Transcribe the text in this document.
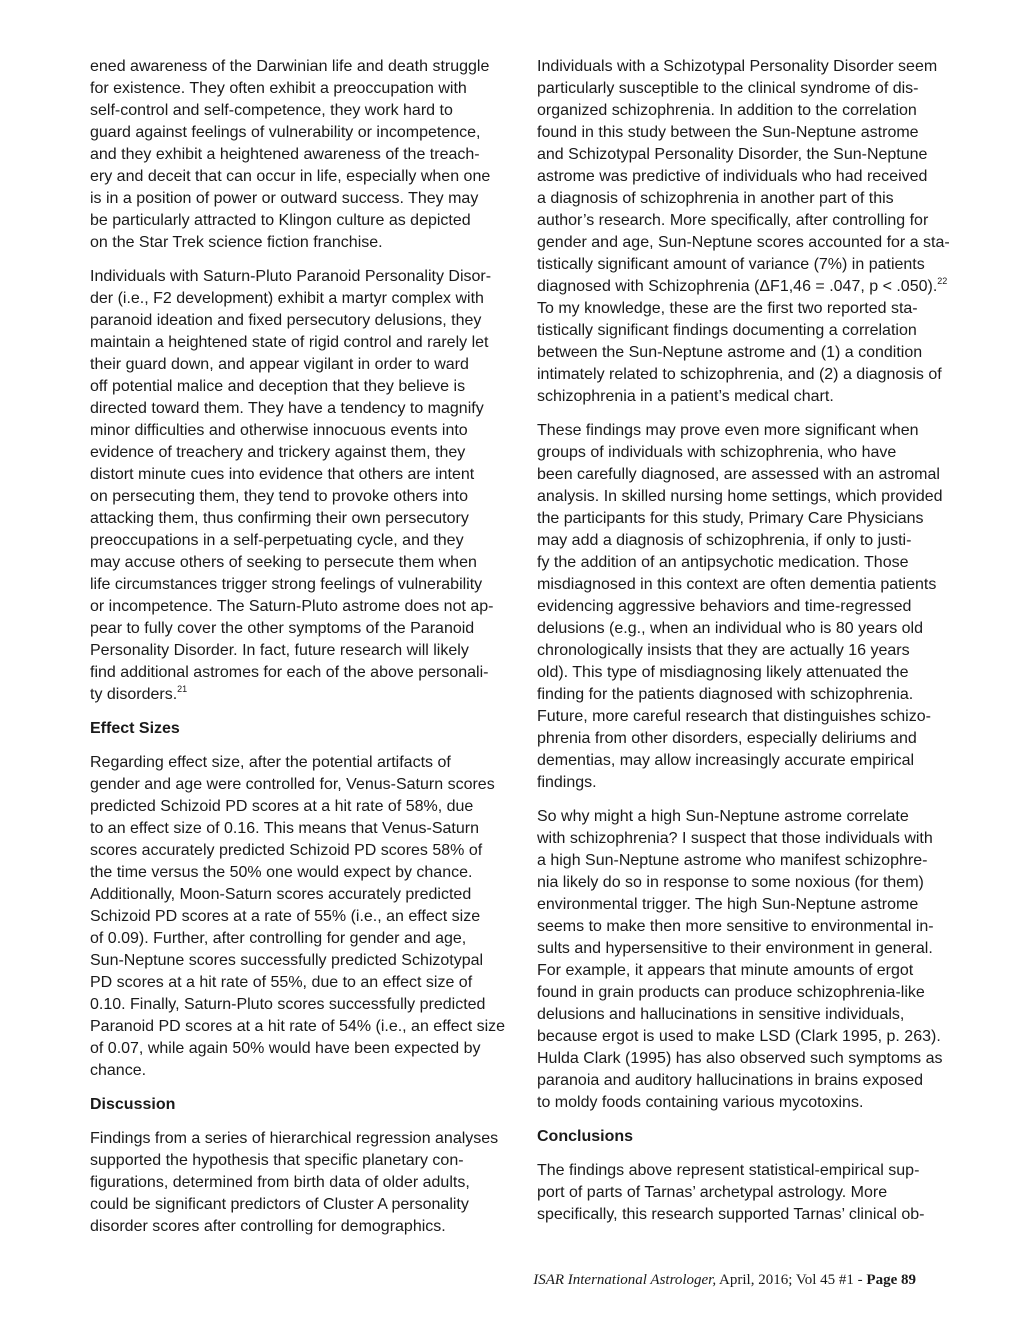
ened awareness of the Darwinian life and death struggle
for existence. They often exhibit a preoccupation with
self-control and self-competence, they work hard to
guard against feelings of vulnerability or incompetence,
and they exhibit a heightened awareness of the treach-
ery and deceit that can occur in life, especially when one
is in a position of power or outward success. They may
be particularly attracted to Klingon culture as depicted
on the Star Trek science fiction franchise.
Individuals with Saturn-Pluto Paranoid Personality Disor-
der (i.e., F2 development) exhibit a martyr complex with
paranoid ideation and fixed persecutory delusions, they
maintain a heightened state of rigid control and rarely let
their guard down, and appear vigilant in order to ward
off potential malice and deception that they believe is
directed toward them. They have a tendency to magnify
minor difficulties and otherwise innocuous events into
evidence of treachery and trickery against them, they
distort minute cues into evidence that others are intent
on persecuting them, they tend to provoke others into
attacking them, thus confirming their own persecutory
preoccupations in a self-perpetuating cycle, and they
may accuse others of seeking to persecute them when
life circumstances trigger strong feelings of vulnerability
or incompetence. The Saturn-Pluto astrome does not ap-
pear to fully cover the other symptoms of the Paranoid
Personality Disorder. In fact, future research will likely
find additional astromes for each of the above personali-
ty disorders.$^{21}$
Effect Sizes
Regarding effect size, after the potential artifacts of
gender and age were controlled for, Venus-Saturn scores
predicted Schizoid PD scores at a hit rate of 58%, due
to an effect size of 0.16. This means that Venus-Saturn
scores accurately predicted Schizoid PD scores 58% of
the time versus the 50% one would expect by chance.
Additionally, Moon-Saturn scores accurately predicted
Schizoid PD scores at a rate of 55% (i.e., an effect size
of 0.09). Further, after controlling for gender and age,
Sun-Neptune scores successfully predicted Schizotypal
PD scores at a hit rate of 55%, due to an effect size of
0.10. Finally, Saturn-Pluto scores successfully predicted
Paranoid PD scores at a hit rate of 54% (i.e., an effect size
of 0.07, while again 50% would have been expected by
chance.
Discussion
Findings from a series of hierarchical regression analyses
supported the hypothesis that specific planetary con-
figurations, determined from birth data of older adults,
could be significant predictors of Cluster A personality
disorder scores after controlling for demographics.
Individuals with a Schizotypal Personality Disorder seem
particularly susceptible to the clinical syndrome of dis-
organized schizophrenia. In addition to the correlation
found in this study between the Sun-Neptune astrome
and Schizotypal Personality Disorder, the Sun-Neptune
astrome was predictive of individuals who had received
a diagnosis of schizophrenia in another part of this
author’s research. More specifically, after controlling for
gender and age, Sun-Neptune scores accounted for a sta-
tistically significant amount of variance (7%) in patients
diagnosed with Schizophrenia (ΔF1,46 = .047, p < .050).$^{22}$
To my knowledge, these are the first two reported sta-
tistically significant findings documenting a correlation
between the Sun-Neptune astrome and (1) a condition
intimately related to schizophrenia, and (2) a diagnosis of
schizophrenia in a patient’s medical chart.
These findings may prove even more significant when
groups of individuals with schizophrenia, who have
been carefully diagnosed, are assessed with an astromal
analysis. In skilled nursing home settings, which provided
the participants for this study, Primary Care Physicians
may add a diagnosis of schizophrenia, if only to justi-
fy the addition of an antipsychotic medication. Those
misdiagnosed in this context are often dementia patients
evidencing aggressive behaviors and time-regressed
delusions (e.g., when an individual who is 80 years old
chronologically insists that they are actually 16 years
old). This type of misdiagnosing likely attenuated the
finding for the patients diagnosed with schizophrenia.
Future, more careful research that distinguishes schizo-
phrenia from other disorders, especially deliriums and
dementias, may allow increasingly accurate empirical
findings.
So why might a high Sun-Neptune astrome correlate
with schizophrenia? I suspect that those individuals with
a high Sun-Neptune astrome who manifest schizophre-
nia likely do so in response to some noxious (for them)
environmental trigger. The high Sun-Neptune astrome
seems to make then more sensitive to environmental in-
sults and hypersensitive to their environment in general.
For example, it appears that minute amounts of ergot
found in grain products can produce schizophrenia-like
delusions and hallucinations in sensitive individuals,
because ergot is used to make LSD (Clark 1995, p. 263).
Hulda Clark (1995) has also observed such symptoms as
paranoia and auditory hallucinations in brains exposed
to moldy foods containing various mycotoxins.
Conclusions
The findings above represent statistical-empirical sup-
port of parts of Tarnas’ archetypal astrology. More
specifically, this research supported Tarnas’ clinical ob-
ISAR International Astrologer, April, 2016; Vol 45 #1 - Page 89
